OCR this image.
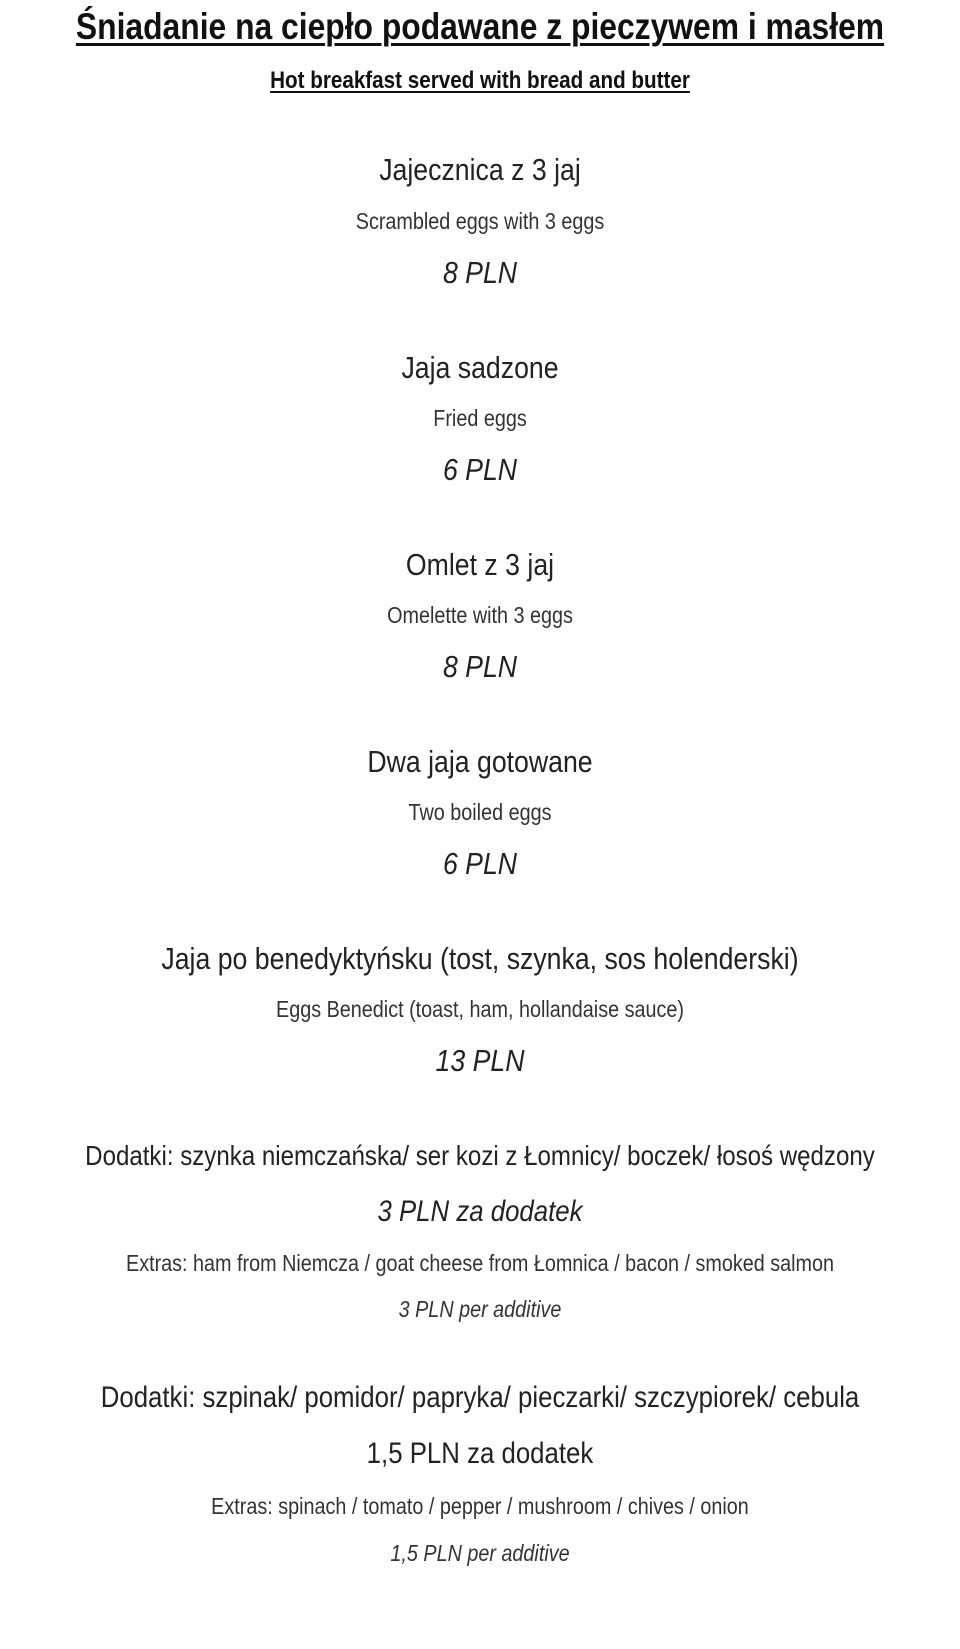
Śniadanie na ciepło podawane z pieczywem i masłem
Hot breakfast served with bread and butter
Jajecznica z 3 jaj
Scrambled eggs with 3 eggs
8 PLN
Jaja sadzone
Fried eggs
6 PLN
Omlet z 3 jaj
Omelette with 3 eggs
8 PLN
Dwa jaja gotowane
Two boiled eggs
6 PLN
Jaja po benedyktyńsku (tost, szynka, sos holenderski)
Eggs Benedict (toast, ham, hollandaise sauce)
13 PLN
Dodatki: szynka niemczańska/ ser kozi z Łomnicy/ boczek/ łosoś wędzony
3 PLN za dodatek
Extras: ham from Niemcza / goat cheese from Łomnica / bacon / smoked salmon
3 PLN per additive
Dodatki: szpinak/ pomidor/ papryka/ pieczarki/ szczypiorek/ cebula
1,5 PLN za dodatek
Extras: spinach / tomato / pepper / mushroom / chives / onion
1,5 PLN per additive
